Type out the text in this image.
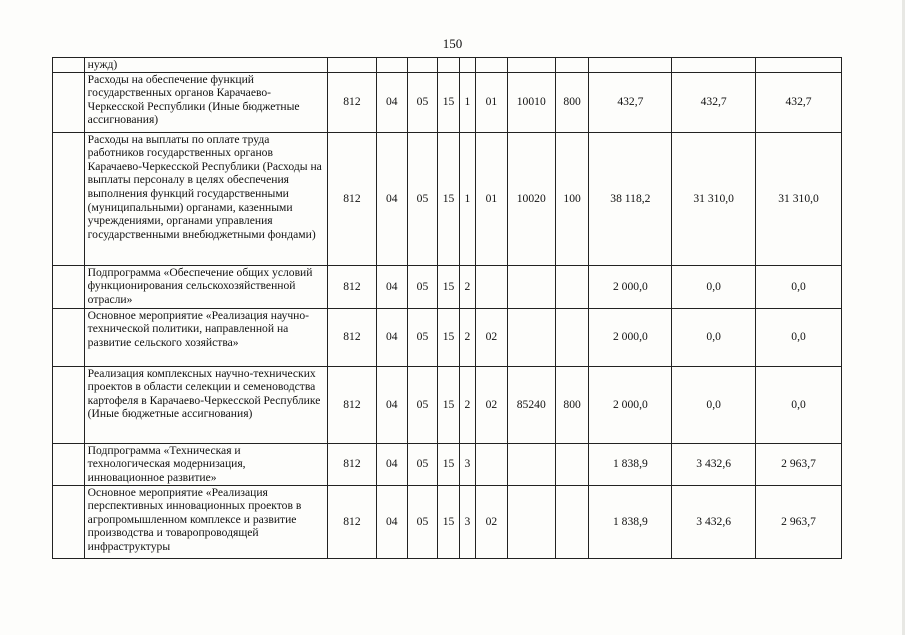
150
	нужд)											
	Расходы на обеспечение функций государственных органов Карачаево-Черкесской Республики (Иные бюджетные ассигнования)	812	04	05	15	1	01	10010	800	432,7	432,7	432,7
	Расходы на выплаты по оплате труда работников государственных органов Карачаево-Черкесской Республики (Расходы на выплаты персоналу в целях обеспечения выполнения функций государственными (муниципальными) органами, казенными учреждениями, органами управления государственными внебюджетными фондами)	812	04	05	15	1	01	10020	100	38 118,2	31 310,0	31 310,0
	Подпрограмма «Обеспечение общих условий функционирования сельскохозяйственной отрасли»	812	04	05	15	2				2 000,0	0,0	0,0
	Основное мероприятие «Реализация научно-технической политики, направленной на развитие сельского хозяйства»	812	04	05	15	2	02			2 000,0	0,0	0,0
	Реализация комплексных научно-технических проектов в области селекции и семеноводства картофеля в Карачаево-Черкесской Республике (Иные бюджетные ассигнования)	812	04	05	15	2	02	85240	800	2 000,0	0,0	0,0
	Подпрограмма «Техническая и технологическая модернизация, инновационное развитие»	812	04	05	15	3				1 838,9	3 432,6	2 963,7
	Основное мероприятие «Реализация перспективных инновационных проектов в агропромышленном комплексе и развитие производства и товаропроводящей инфраструктуры	812	04	05	15	3	02			1 838,9	3 432,6	2 963,7
